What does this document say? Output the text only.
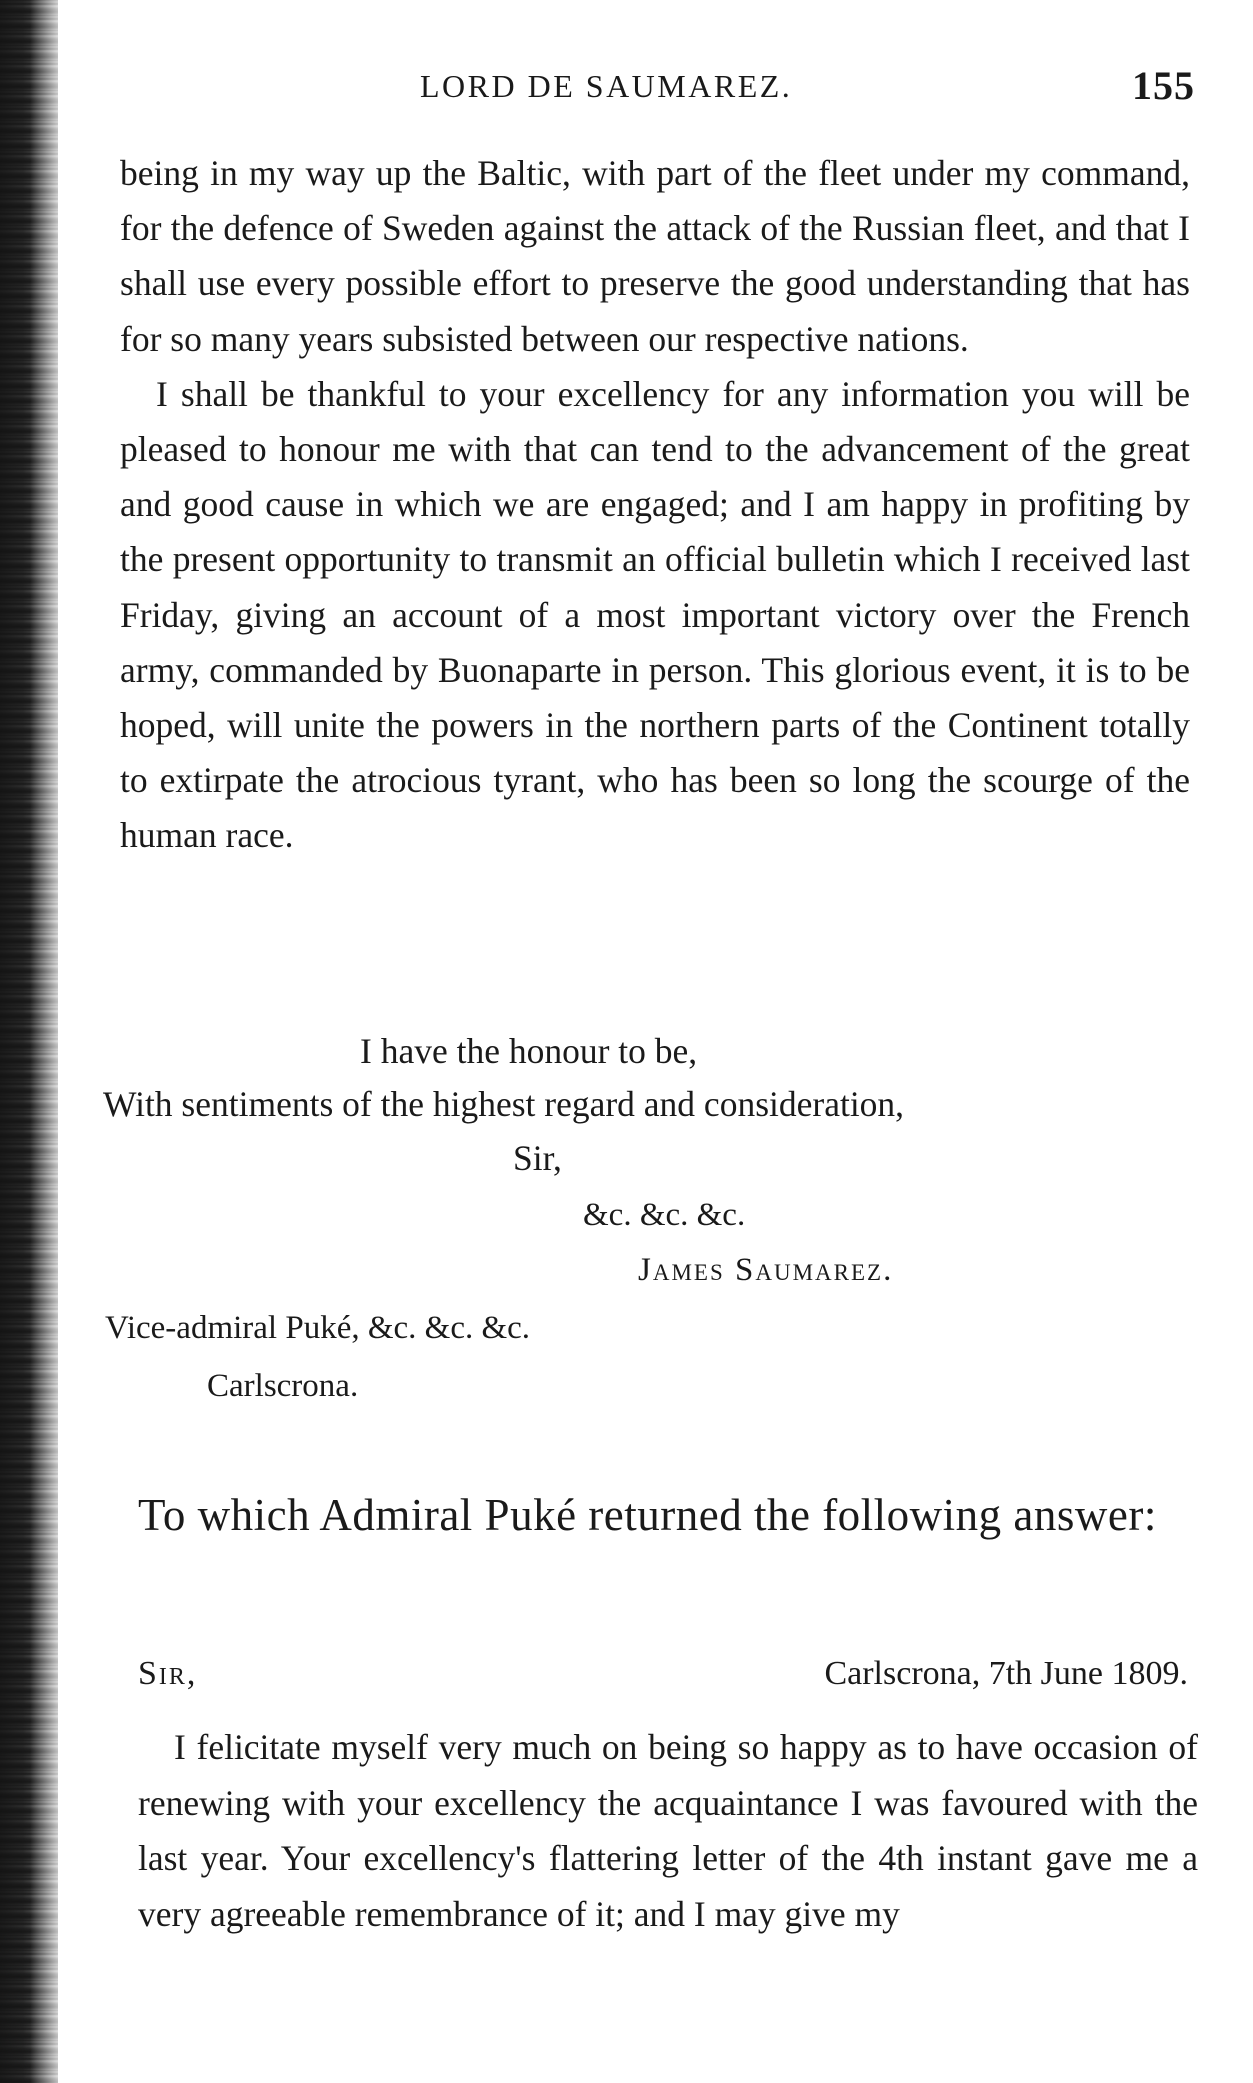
LORD DE SAUMAREZ.	155

being in my way up the Baltic, with part of the fleet under my command, for the defence of Sweden against the attack of the Russian fleet, and that I shall use every possible effort to preserve the good understanding that has for so many years subsisted between our respective nations.

I shall be thankful to your excellency for any information you will be pleased to honour me with that can tend to the advancement of the great and good cause in which we are engaged; and I am happy in profiting by the present opportunity to transmit an official bulletin which I received last Friday, giving an account of a most important victory over the French army, commanded by Buonaparte in person. This glorious event, it is to be hoped, will unite the powers in the northern parts of the Continent totally to extirpate the atrocious tyrant, who has been so long the scourge of the human race.

I have the honour to be,
With sentiments of the highest regard and consideration,
Sir,
&c. &c. &c.
James Saumarez.
Vice-admiral Puké, &c. &c. &c.
Carlscrona.
To which Admiral Puké returned the following answer:
Sir,	Carlscrona, 7th June 1809.

I felicitate myself very much on being so happy as to have occasion of renewing with your excellency the acquaintance I was favoured with the last year. Your excellency's flattering letter of the 4th instant gave me a very agreeable remembrance of it; and I may give my
